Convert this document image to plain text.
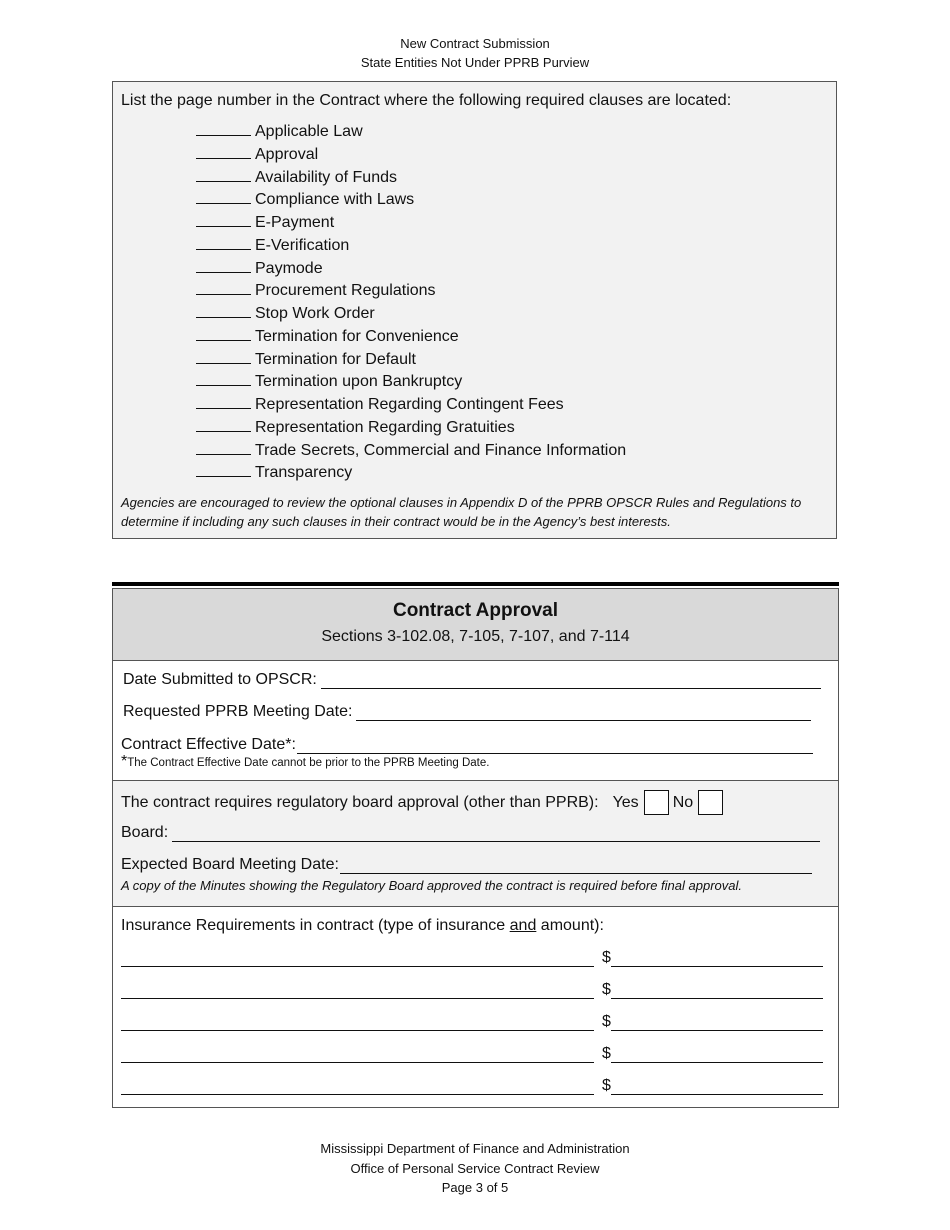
New Contract Submission
State Entities Not Under PPRB Purview
List the page number in the Contract where the following required clauses are located:
Applicable Law
Approval
Availability of Funds
Compliance with Laws
E-Payment
E-Verification
Paymode
Procurement Regulations
Stop Work Order
Termination for Convenience
Termination for Default
Termination upon Bankruptcy
Representation Regarding Contingent Fees
Representation Regarding Gratuities
Trade Secrets, Commercial and Finance Information
Transparency
Agencies are encouraged to review the optional clauses in Appendix D of the PPRB OPSCR Rules and Regulations to determine if including any such clauses in their contract would be in the Agency’s best interests.
Contract Approval
Sections 3-102.08, 7-105, 7-107, and 7-114
Date Submitted to OPSCR:
Requested PPRB Meeting Date:
Contract Effective Date*:
*The Contract Effective Date cannot be prior to the PPRB Meeting Date.
The contract requires regulatory board approval (other than PPRB): Yes No
Board:
Expected Board Meeting Date:
A copy of the Minutes showing the Regulatory Board approved the contract is required before final approval.
Insurance Requirements in contract (type of insurance and amount):
$
$
$
$
$
Mississippi Department of Finance and Administration
Office of Personal Service Contract Review
Page 3 of 5
